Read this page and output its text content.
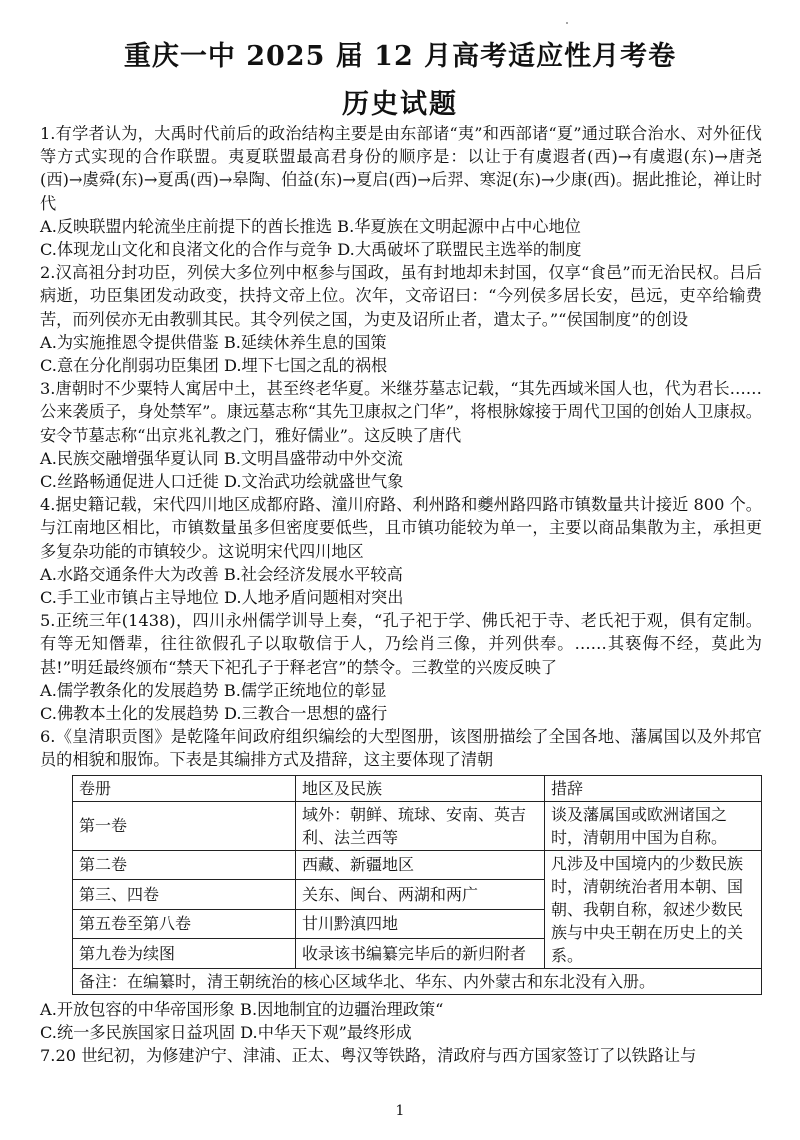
重庆一中 2025 届 12 月高考适应性月考卷
历史试题

1.有学者认为，大禹时代前后的政治结构主要是由东部诸“夷”和西部诸“夏”通过联合治水、对外征伐等方式实现的合作联盟。夷夏联盟最高君身份的顺序是：以让于有虞遐者(西)→有虞遐(东)→唐尧(西)→虞舜(东)→夏禹(西)→皋陶、伯益(东)→夏启(西)→后羿、寒浞(东)→少康(西)。据此推论，禅让时代

A.反映联盟内轮流坐庄前提下的酋长推选 B.华夏族在文明起源中占中心地位

C.体现龙山文化和良渚文化的合作与竞争 D.大禹破坏了联盟民主选举的制度

2.汉高祖分封功臣，列侯大多位列中枢参与国政，虽有封地却未封国，仅享“食邑”而无治民权。吕后病逝，功臣集团发动政变，扶持文帝上位。次年，文帝诏曰：“今列侯多居长安，邑远，吏卒给输费苦，而列侯亦无由教驯其民。其令列侯之国，为吏及诏所止者，遣太子。”“侯国制度”的创设

A.为实施推恩令提供借鉴 B.延续休养生息的国策

C.意在分化削弱功臣集团 D.埋下七国之乱的祸根

3.唐朝时不少粟特人寓居中土，甚至终老华夏。米继芬墓志记载，“其先西域米国人也，代为君长……公来袭质子，身处禁军”。康远墓志称“其先卫康叔之门华”，将根脉嫁接于周代卫国的创始人卫康叔。安令节墓志称“出京兆礼教之门，雅好儒业”。这反映了唐代

A.民族交融增强华夏认同 B.文明昌盛带动中外交流

C.丝路畅通促进人口迁徙 D.文治武功绘就盛世气象

4.据史籍记载，宋代四川地区成都府路、潼川府路、利州路和夔州路四路市镇数量共计接近 800 个。与江南地区相比，市镇数量虽多但密度要低些，且市镇功能较为单一，主要以商品集散为主，承担更多复杂功能的市镇较少。这说明宋代四川地区

A.水路交通条件大为改善 B.社会经济发展水平较高

C.手工业市镇占主导地位 D.人地矛盾问题相对突出

5.正统三年(1438)，四川永州儒学训导上奏，“孔子祀于学、佛氏祀于寺、老氏祀于观，俱有定制。有等无知僭辈，往往欲假孔子以取敬信于人，乃绘肖三像，并列供奉。……其亵侮不经，莫此为甚!”明廷最终颁布“禁天下祀孔子于释老宫”的禁令。三教堂的兴废反映了

A.儒学教条化的发展趋势 B.儒学正统地位的彰显

C.佛教本土化的发展趋势 D.三教合一思想的盛行

6.《皇清职贡图》是乾隆年间政府组织编绘的大型图册，该图册描绘了全国各地、藩属国以及外邦官员的相貌和服饰。下表是其编排方式及措辞，这主要体现了清朝

卷册	地区及民族	措辞
第一卷	域外：朝鲜、琉球、安南、英吉利、法兰西等	谈及藩属国或欧洲诸国之时，清朝用中国为自称。
第二卷	西藏、新疆地区	凡涉及中国境内的少数民族时，清朝统治者用本朝、国朝、我朝自称，叙述少数民族与中央王朝在历史上的关系。
第三、四卷	关东、闽台、两湖和两广	
第五卷至第八卷	甘川黔滇四地	
第九卷为续图	收录该书编纂完毕后的新归附者	
备注：在编纂时，清王朝统治的核心区域华北、华东、内外蒙古和东北没有入册。		

A.开放包容的中华帝国形象 B.因地制宜的边疆治理政策“

C.统一多民族国家日益巩固 D.中华天下观”最终形成

7.20 世纪初，为修建沪宁、津浦、正太、粤汉等铁路，清政府与西方国家签订了以铁路让与

1
